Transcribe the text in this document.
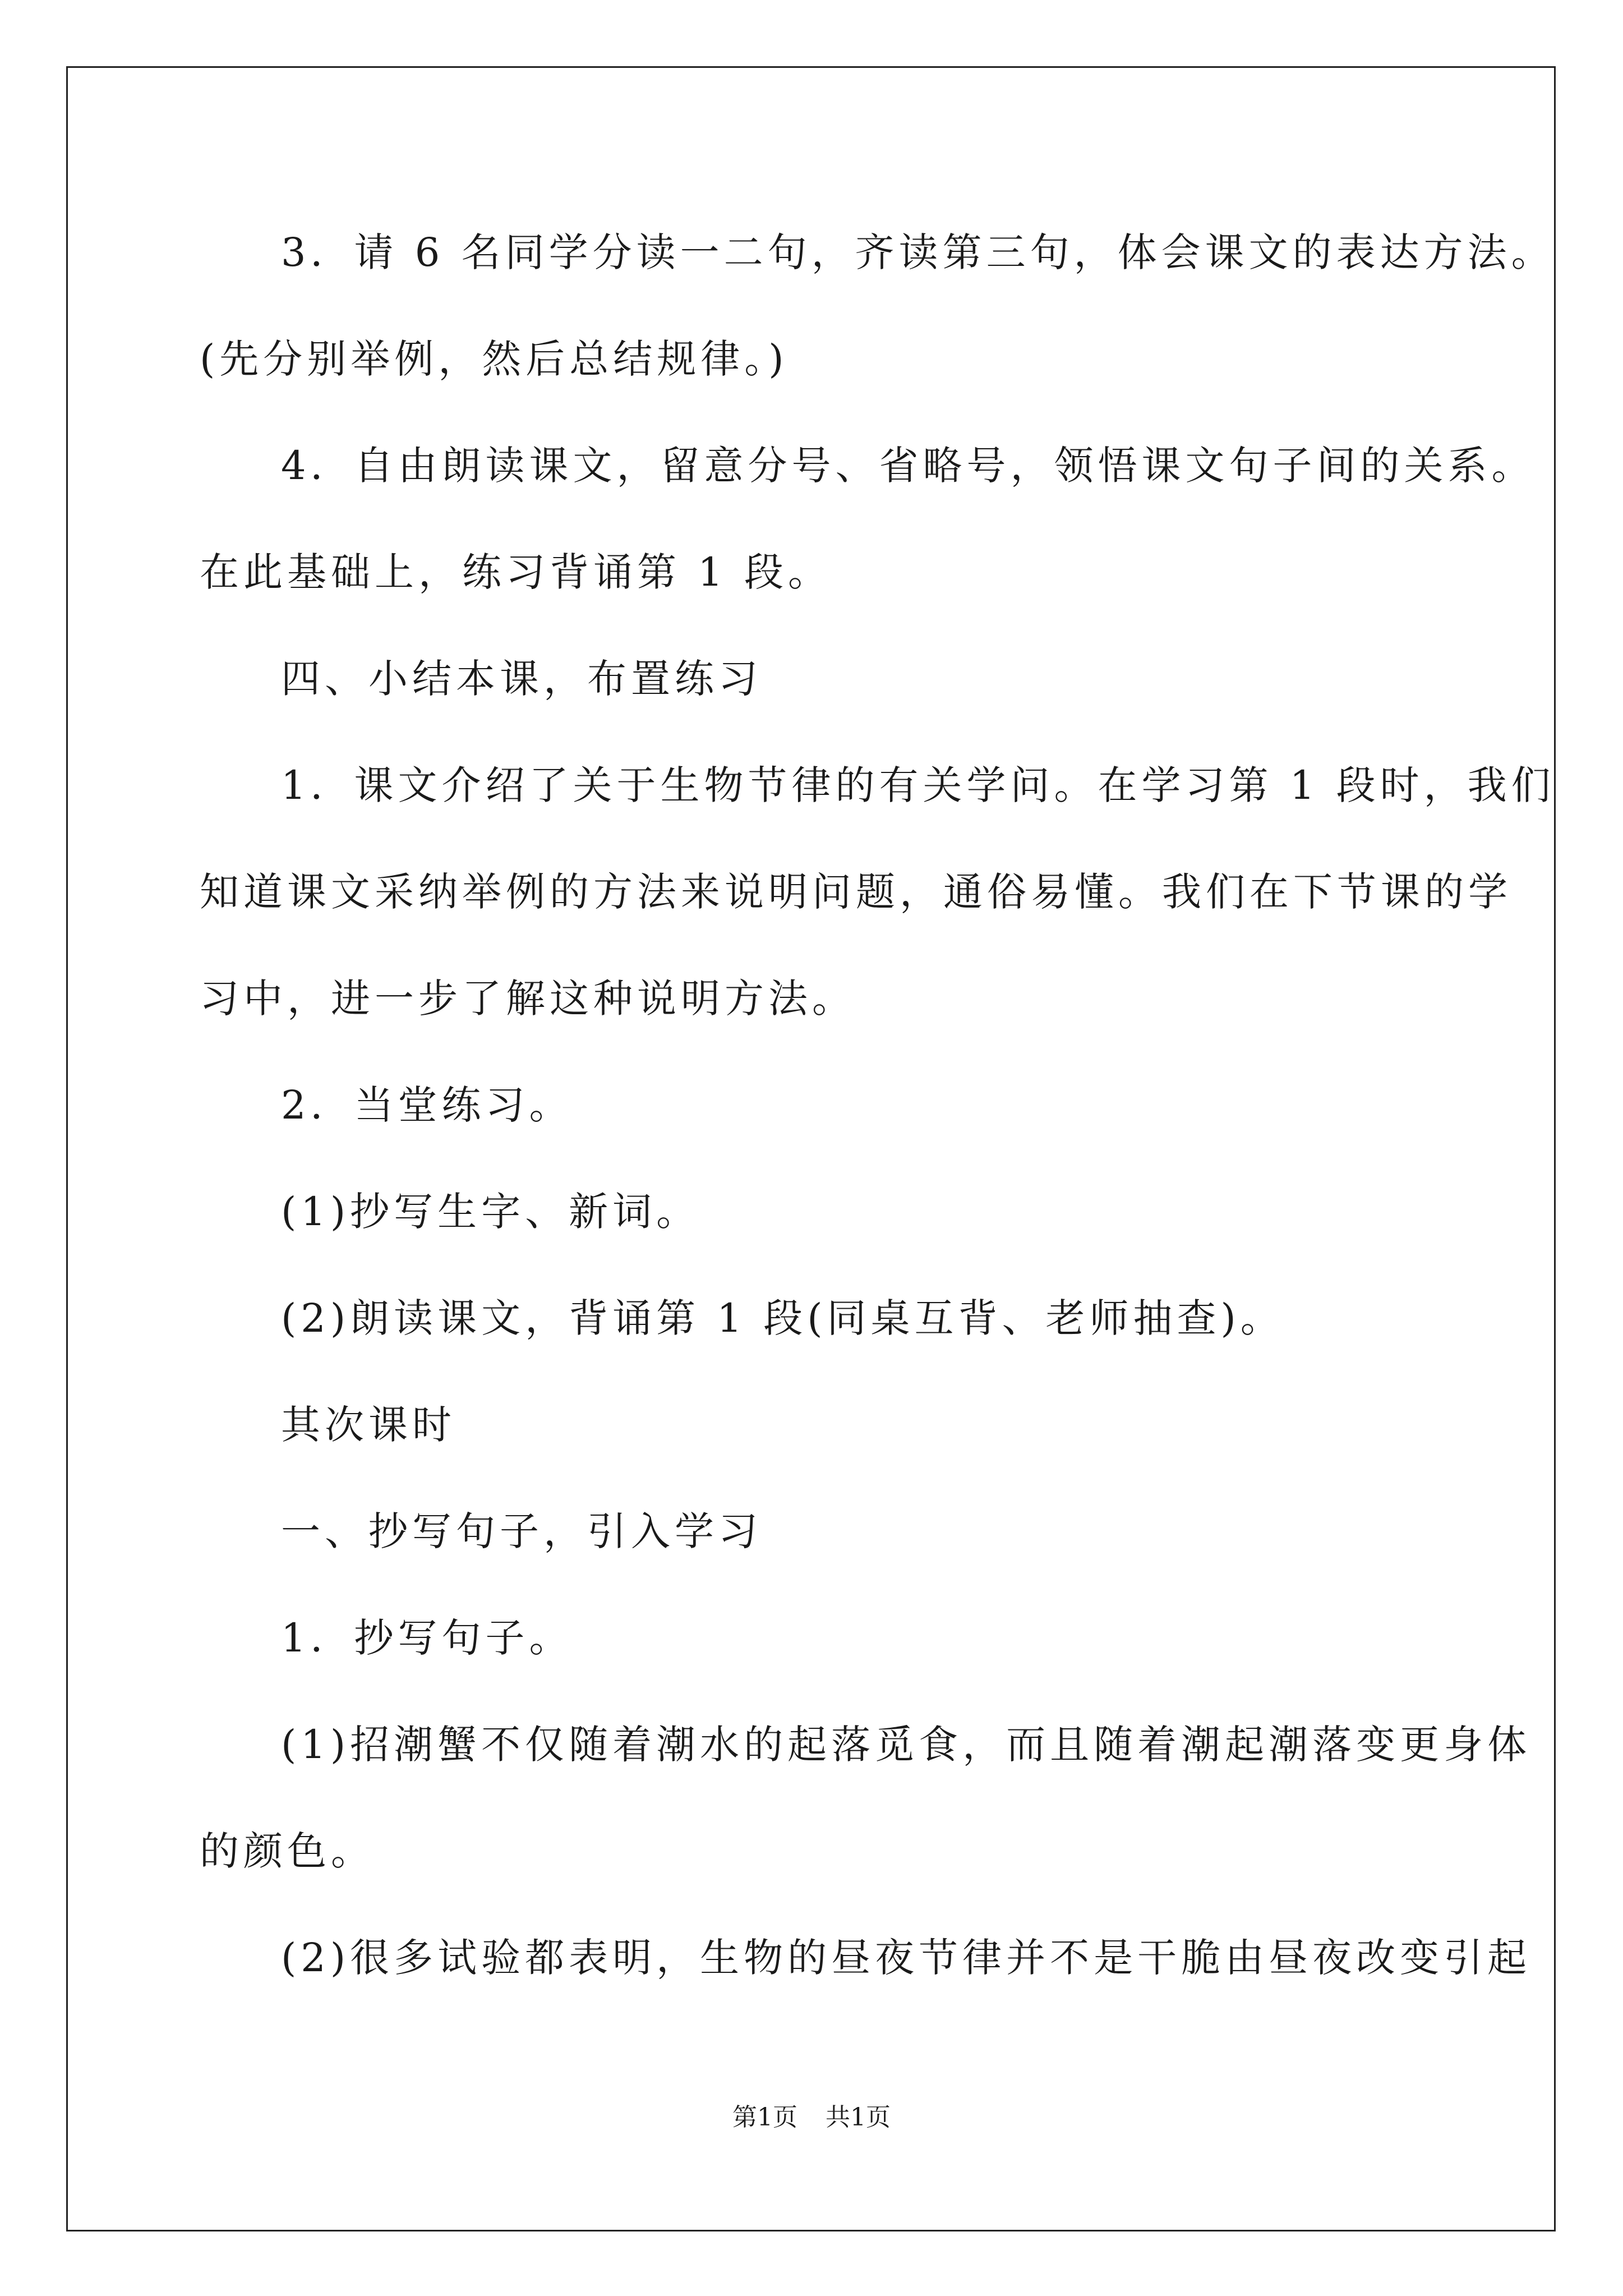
3．请 6 名同学分读一二句，齐读第三句，体会课文的表达方法。
(先分别举例，然后总结规律。)
4．自由朗读课文，留意分号、省略号，领悟课文句子间的关系。
在此基础上，练习背诵第 1 段。
四、小结本课，布置练习
1．课文介绍了关于生物节律的有关学问。在学习第 1 段时，我们
知道课文采纳举例的方法来说明问题，通俗易懂。我们在下节课的学
习中，进一步了解这种说明方法。
2．当堂练习。
(1)抄写生字、新词。
(2)朗读课文，背诵第 1 段(同桌互背、老师抽查)。
其次课时
一、抄写句子，引入学习
1．抄写句子。
(1)招潮蟹不仅随着潮水的起落觅食，而且随着潮起潮落变更身体
的颜色。
(2)很多试验都表明，生物的昼夜节律并不是干脆由昼夜改变引起
第1页 共1页
